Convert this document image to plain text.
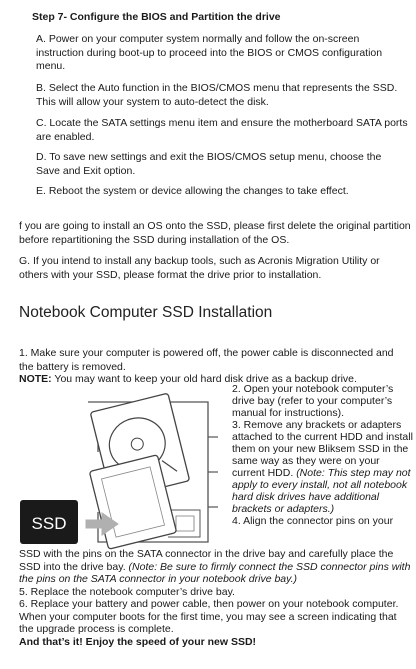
Step 7- Configure the BIOS and Partition the drive
A. Power on your computer system normally and follow the on-screen instruction during boot-up to proceed into the BIOS or CMOS configuration menu.
B. Select the Auto function in the BIOS/CMOS menu that represents the SSD. This will allow your system to auto-detect the disk.
C. Locate the SATA settings menu item and ensure the motherboard SATA ports are enabled.
D. To save new settings and exit the BIOS/CMOS setup menu, choose the Save and Exit option.
E. Reboot the system or device allowing the changes to take effect.
f you are going to install an OS onto the SSD, please first delete the original partition before repartitioning the SSD during installation of the OS.
G. If you intend to install any backup tools, such as Acronis Migration Utility or others with your SSD, please format the drive prior to installation.
Notebook Computer SSD Installation
1. Make sure your computer is powered off, the power cable is disconnected and the battery is removed.
NOTE: You may want to keep your old hard disk drive as a backup drive.
2. Open your notebook computer’s drive bay (refer to your computer’s manual for instructions).
3. Remove any brackets or adapters attached to the current HDD and install them on your new Bliksem SSD in the same way as they were on your current HDD. (Note: This step may not apply to every install, not all notebook hard disk drives have additional brackets or adapters.)
4. Align the connector pins on your
SSD
SSD with the pins on the SATA connector in the drive bay and carefully place the SSD into the drive bay. (Note: Be sure to firmly connect the SSD connector pins with the pins on the SATA connector in your notebook drive bay.)
5. Replace the notebook computer’s drive bay.
6. Replace your battery and power cable, then power on your notebook computer. When your computer boots for the first time, you may see a screen indicating that the upgrade process is complete.
And that’s it! Enjoy the speed of your new SSD!
